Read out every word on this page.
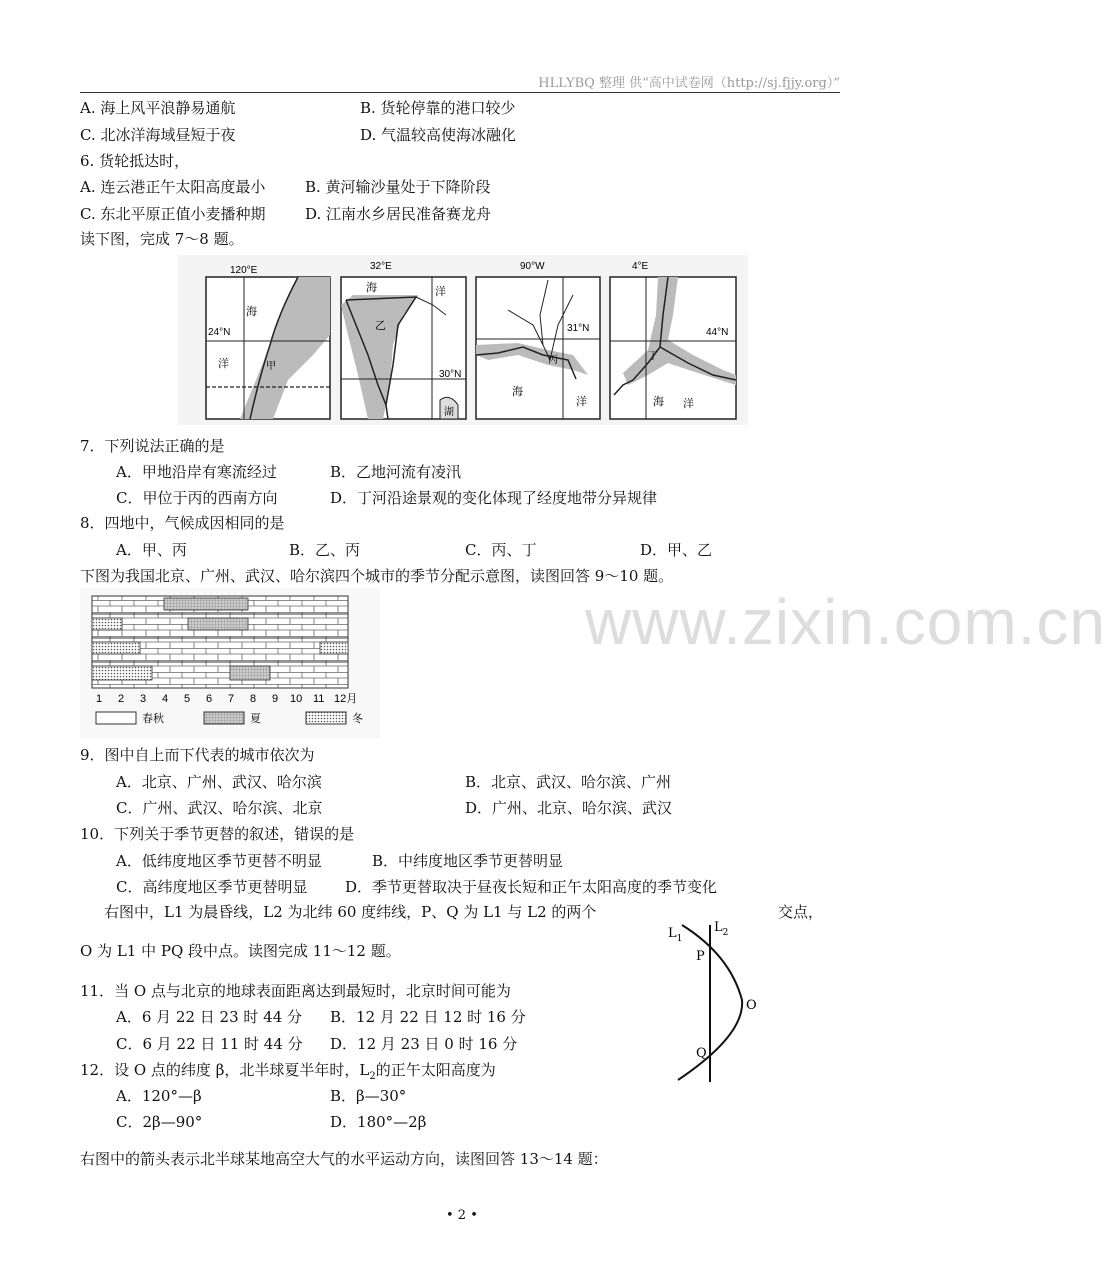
HLLYBQ 整理 供“高中试卷网（http://sj.fjjy.org）”
www.zixin.com.cn
A. 海上风平浪静易通航	B. 货轮停靠的港口较少
C. 北冰洋海域昼短于夜	D. 气温较高使海冰融化
6. 货轮抵达时，
A. 连云港正午太阳高度最小	B. 黄河输沙量处于下降阶段
C. 东北平原正值小麦播种期	D. 江南水乡居民准备赛龙舟
读下图，完成 7～8 题。
120°E
24°N
海
洋	甲
32°E
30°N
海	洋
乙
湖
90°W
31°N
丙
海
洋
4°E
44°N
丁
海 洋
7．下列说法正确的是
A．甲地沿岸有寒流经过	B．乙地河流有凌汛
C．甲位于丙的西南方向	D．丁河沿途景观的变化体现了经度地带分异规律
8．四地中，气候成因相同的是
A．甲、丙	B．乙、丙	C．丙、丁	D．甲、乙
下图为我国北京、广州、武汉、哈尔滨四个城市的季节分配示意图，读图回答 9～10 题。
1 2 3 4 5 6 7 8 9 10 11 12月
春秋	夏	冬
9．图中自上而下代表的城市依次为
A．北京、广州、武汉、哈尔滨	B．北京、武汉、哈尔滨、广州
C．广州、武汉、哈尔滨、北京	D．广州、北京、哈尔滨、武汉
10．下列关于季节更替的叙述，错误的是
A．低纬度地区季节更替不明显	B．中纬度地区季节更替明显
C．高纬度地区季节更替明显	D．季节更替取决于昼夜长短和正午太阳高度的季节变化
右图中，L1 为晨昏线，L2 为北纬 60 度纬线，P、Q 为 L1 与 L2 的两个	交点，
O 为 L1 中 PQ 段中点。读图完成 11～12 题。
$L_1$
$L_2$
P
O
Q
11．当 O 点与北京的地球表面距离达到最短时，北京时间可能为
A．6 月 22 日 23 时 44 分 B．12 月 22 日 12 时 16 分
C．6 月 22 日 11 时 44 分 D．12 月 23 日 0 时 16 分
12．设 O 点的纬度 β，北半球夏半年时，$L_2$的正午太阳高度为
A．120°—β	B．β—30°
C．2β—90°	D．180°—2β
右图中的箭头表示北半球某地高空大气的水平运动方向，读图回答 13～14 题：
• 2 •
